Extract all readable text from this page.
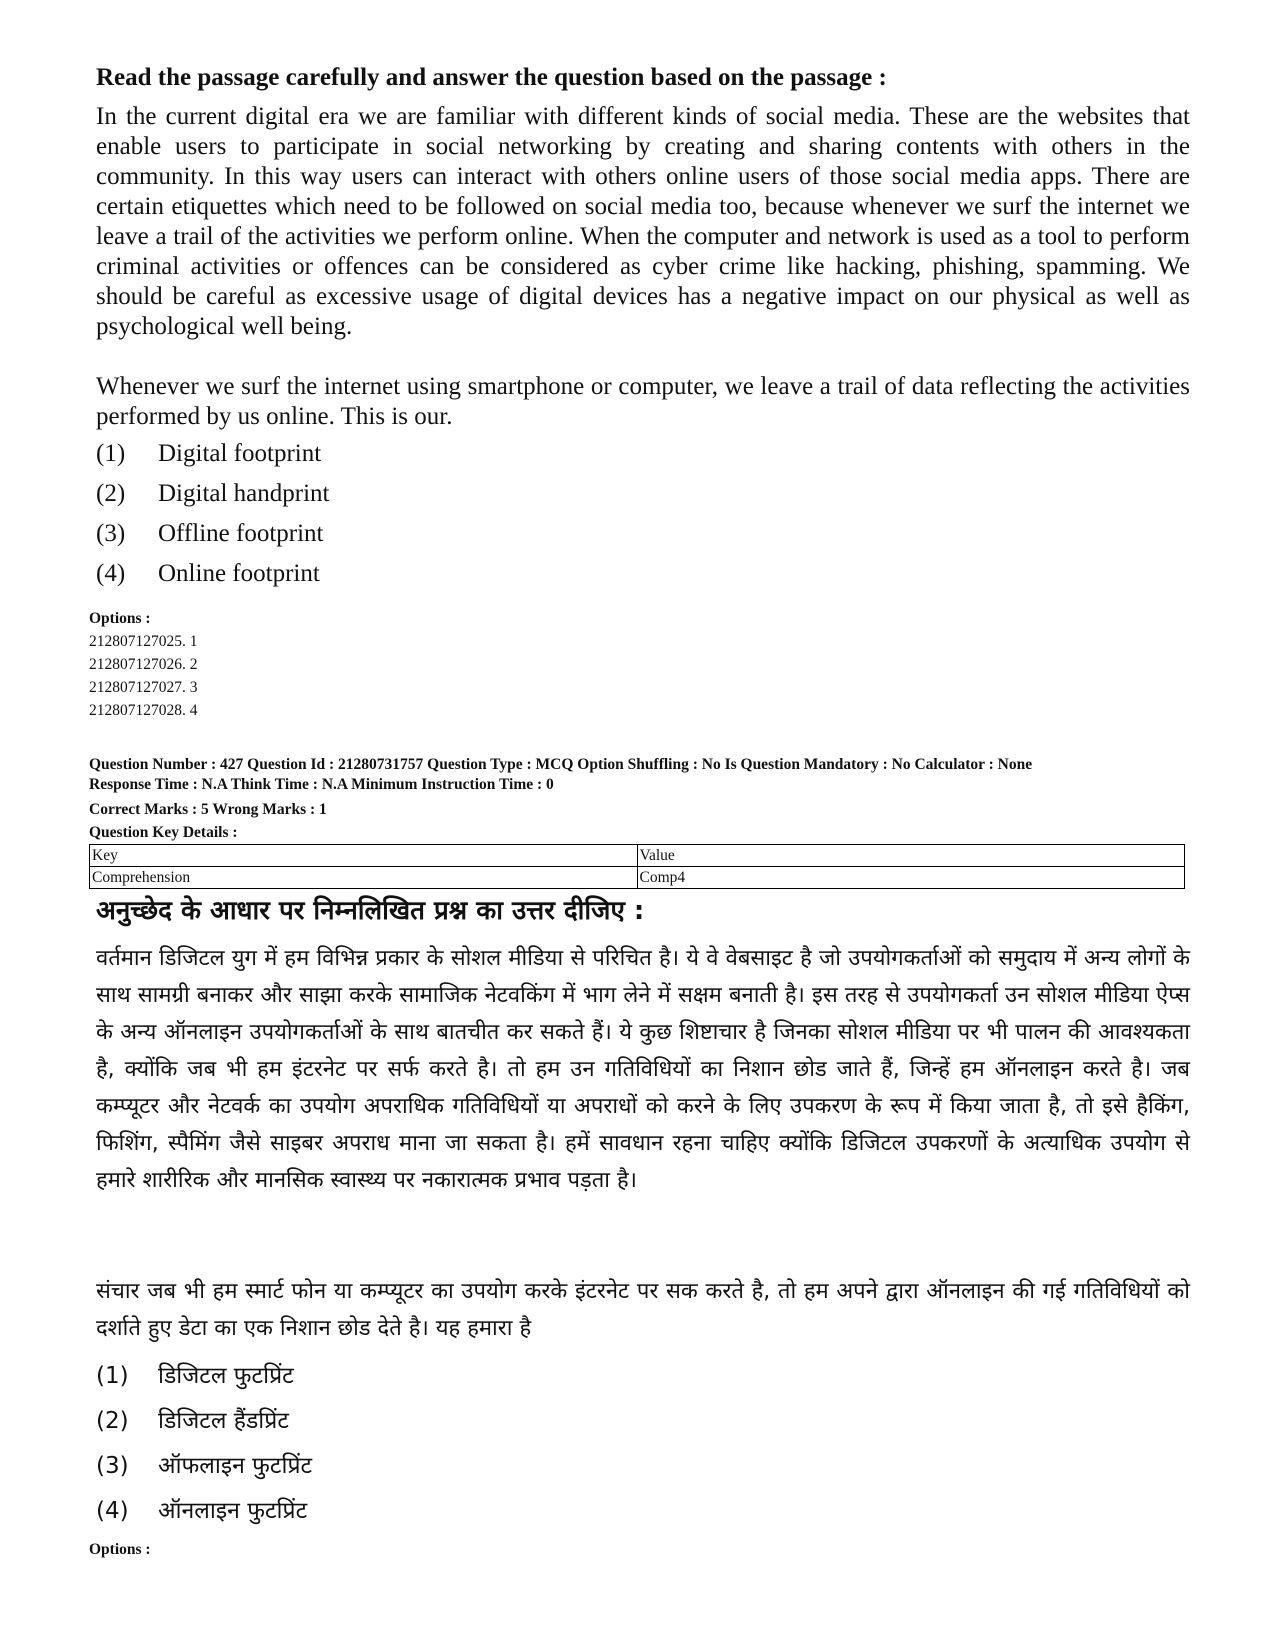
Read the passage carefully and answer the question based on the passage :
In the current digital era we are familiar with different kinds of social media. These are the websites that enable users to participate in social networking by creating and sharing contents with others in the community. In this way users can interact with others online users of those social media apps. There are certain etiquettes which need to be followed on social media too, because whenever we surf the internet we leave a trail of the activities we perform online. When the computer and network is used as a tool to perform criminal activities or offences can be considered as cyber crime like hacking, phishing, spamming. We should be careful as excessive usage of digital devices has a negative impact on our physical as well as psychological well being.
Whenever we surf the internet using smartphone or computer, we leave a trail of data reflecting the activities performed by us online. This is our.
(1)	Digital footprint
(2)	Digital handprint
(3)	Offline footprint
(4)	Online footprint
Options :
212807127025. 1
212807127026. 2
212807127027. 3
212807127028. 4
Question Number : 427 Question Id : 21280731757 Question Type : MCQ Option Shuffling : No Is Question Mandatory : No Calculator : None
Response Time : N.A Think Time : N.A Minimum Instruction Time : 0
Correct Marks : 5 Wrong Marks : 1
Question Key Details :
Key	Value
Comprehension	Comp4
अनुच्छेद के आधार पर निम्नलिखित प्रश्न का उत्तर दीजिए :
वर्तमान डिजिटल युग में हम विभिन्न प्रकार के सोशल मीडिया से परिचित है। ये वे वेबसाइट है जो उपयोगकर्ताओं को समुदाय में अन्य लोगों के साथ सामग्री बनाकर और साझा करके सामाजिक नेटवकिंग में भाग लेने में सक्षम बनाती है। इस तरह से उपयोगकर्ता उन सोशल मीडिया ऐप्स के अन्य ऑनलाइन उपयोगकर्ताओं के साथ बातचीत कर सकते हैं। ये कुछ शिष्टाचार है जिनका सोशल मीडिया पर भी पालन की आवश्यकता है, क्योंकि जब भी हम इंटरनेट पर सर्फ करते है। तो हम उन गतिविधियों का निशान छोड जाते हैं, जिन्हें हम ऑनलाइन करते है। जब कम्प्यूटर और नेटवर्क का उपयोग अपराधिक गतिविधियों या अपराधों को करने के लिए उपकरण के रूप में किया जाता है, तो इसे हैकिंग, फिशिंग, स्पैमिंग जैसे साइबर अपराध माना जा सकता है। हमें सावधान रहना चाहिए क्योंकि डिजिटल उपकरणों के अत्याधिक उपयोग से हमारे शारीरिक और मानसिक स्वास्थ्य पर नकारात्मक प्रभाव पड़ता है।
संचार जब भी हम स्मार्ट फोन या कम्प्यूटर का उपयोग करके इंटरनेट पर सक करते है, तो हम अपने द्वारा ऑनलाइन की गई गतिविधियों को दर्शाते हुए डेटा का एक निशान छोड देते है। यह हमारा है
(1)	डिजिटल फुटप्रिंट
(2)	डिजिटल हैंडप्रिंट
(3)	ऑफलाइन फुटप्रिंट
(4)	ऑनलाइन फुटप्रिंट
Options :
